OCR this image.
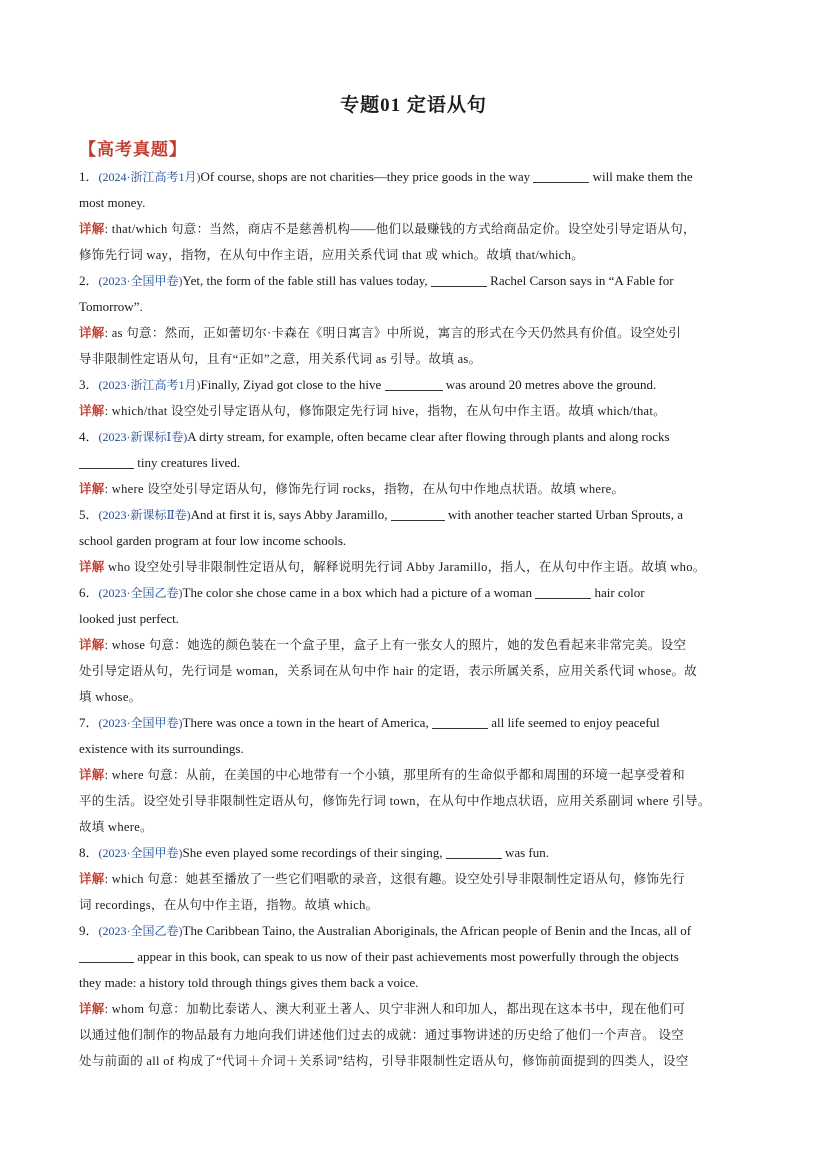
专题01 定语从句
【高考真题】
1．(2024·浙江高考1月)Of course, shops are not charities—they price goods in the way	will make them the
most money.
详解: that/which 句意：当然，商店不是慈善机构——他们以最赚钱的方式给商品定价。设空处引导定语从句，
修饰先行词 way，指物，在从句中作主语，应用关系代词 that 或 which。故填 that/which。
2．(2023·全国甲卷)Yet, the form of the fable still has values today,	Rachel Carson says in “A Fable for
Tomorrow”.
详解: as 句意：然而，正如蕾切尔·卡森在《明日寓言》中所说，寓言的形式在今天仍然具有价值。设空处引
导非限制性定语从句，且有“正如”之意，用关系代词 as 引导。故填 as。
3．(2023·浙江高考1月)Finally, Ziyad got close to the hive	was around 20 metres above the ground.
详解: which/that 设空处引导定语从句，修饰限定先行词 hive，指物，在从句中作主语。故填 which/that。
4．(2023·新课标Ⅰ卷)A dirty stream, for example, often became clear after flowing through plants and along rocks
tiny creatures lived.
详解: where 设空处引导定语从句，修饰先行词 rocks，指物，在从句中作地点状语。故填 where。
5．(2023·新课标Ⅱ卷)And at first it is, says Abby Jaramillo,	with another teacher started Urban Sprouts, a
school garden program at four low income schools.
详解 who 设空处引导非限制性定语从句，解释说明先行词 Abby Jaramillo，指人，在从句中作主语。故填 who。
6．(2023·全国乙卷)The color she chose came in a box which had a picture of a woman	hair color
looked just perfect.
详解: whose 句意：她选的颜色装在一个盒子里，盒子上有一张女人的照片，她的发色看起来非常完美。设空
处引导定语从句，先行词是 woman，关系词在从句中作 hair 的定语，表示所属关系，应用关系代词 whose。故
填 whose。
7．(2023·全国甲卷)There was once a town in the heart of America,	all life seemed to enjoy peaceful
existence with its surroundings.
详解: where 句意：从前，在美国的中心地带有一个小镇，那里所有的生命似乎都和周围的环境一起享受着和
平的生活。设空处引导非限制性定语从句，修饰先行词 town，在从句中作地点状语，应用关系副词 where 引导。
故填 where。
8．(2023·全国甲卷)She even played some recordings of their singing,	was fun.
详解: which 句意：她甚至播放了一些它们唱歌的录音，这很有趣。设空处引导非限制性定语从句，修饰先行
词 recordings，在从句中作主语，指物。故填 which。
9．(2023·全国乙卷)The Caribbean Taino, the Australian Aboriginals, the African people of Benin and the Incas, all of
appear in this book, can speak to us now of their past achievements most powerfully through the objects
they made: a history told through things gives them back a voice.
详解: whom 句意：加勒比泰诺人、澳大利亚土著人、贝宁非洲人和印加人，都出现在这本书中，现在他们可
以通过他们制作的物品最有力地向我们讲述他们过去的成就：通过事物讲述的历史给了他们一个声音。 设空
处与前面的 all of 构成了“代词＋介词＋关系词”结构，引导非限制性定语从句，修饰前面提到的四类人，设空
